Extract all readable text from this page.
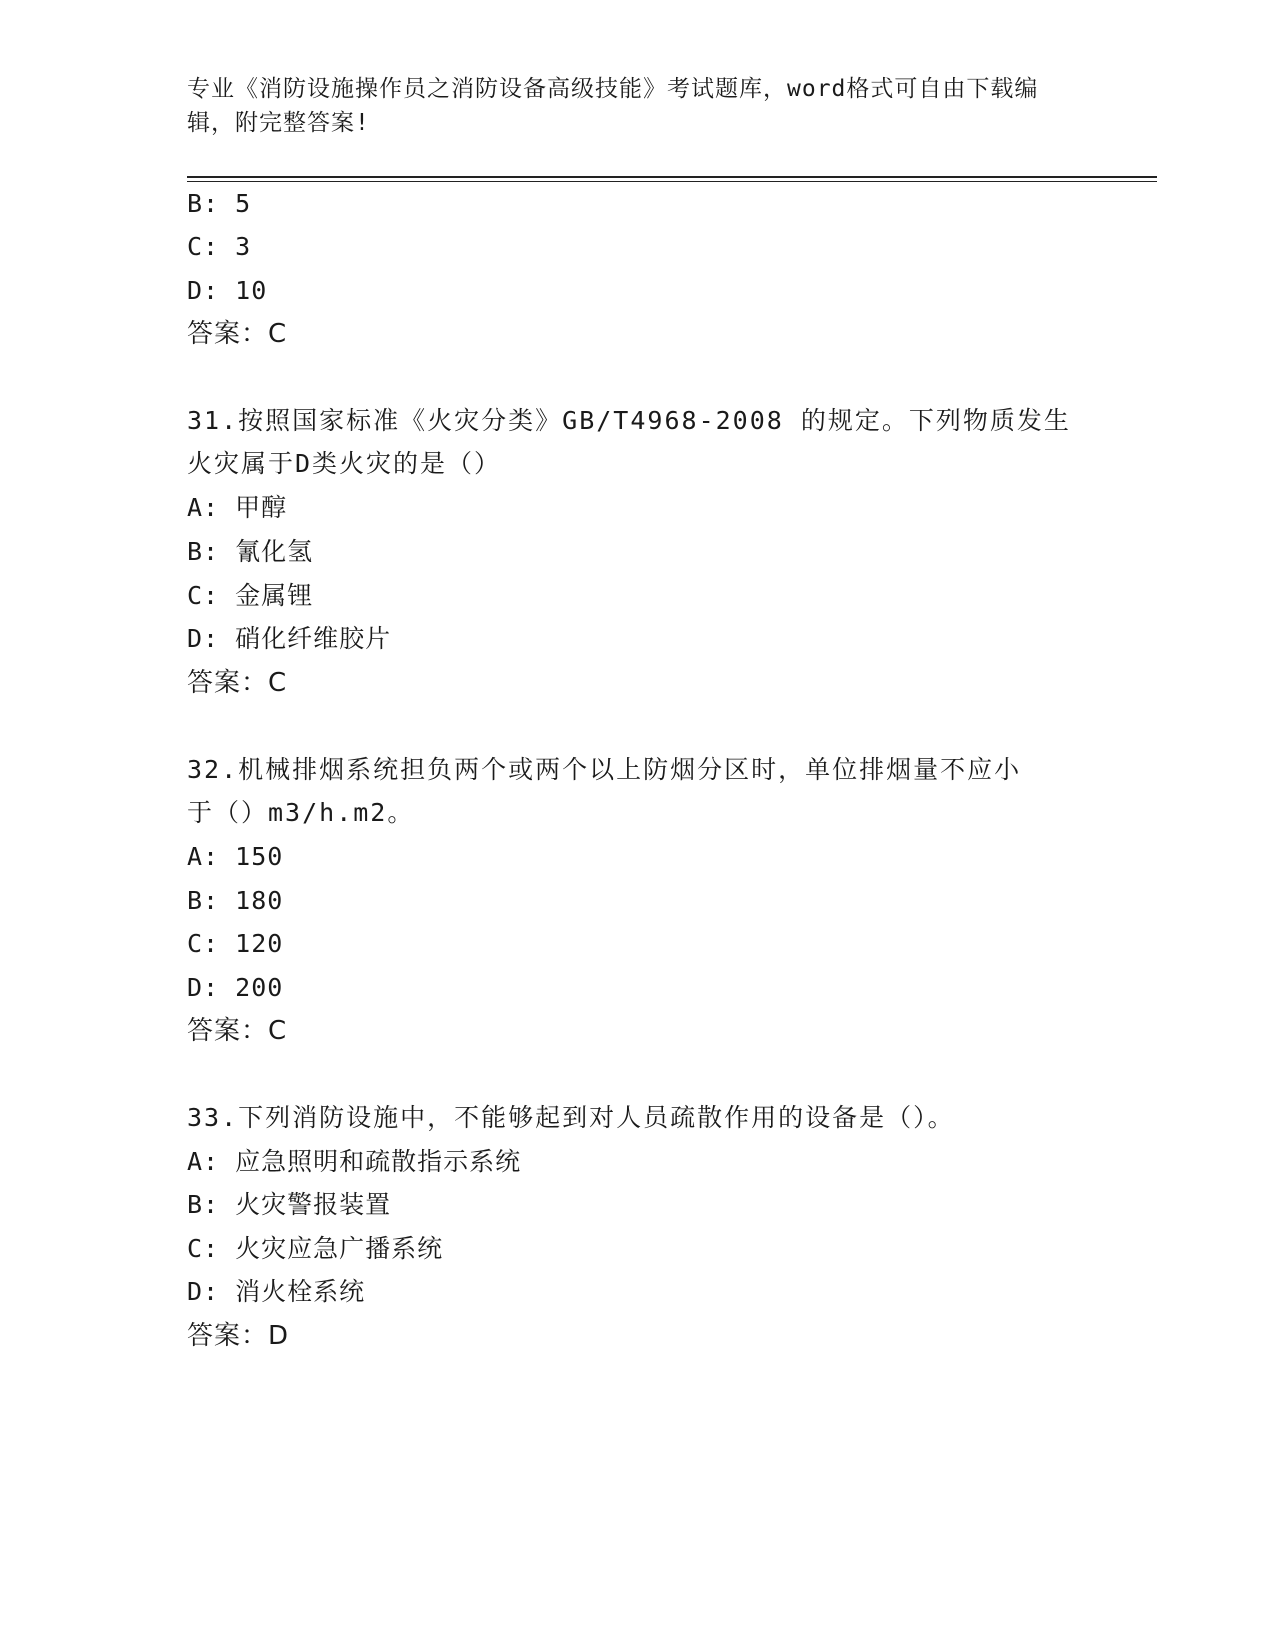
专业《消防设施操作员之消防设备高级技能》考试题库，word格式可自由下载编
辑，附完整答案!
B: 5
C: 3
D: 10
答案：C
31.按照国家标准《火灾分类》GB/T4968-2008 的规定。下列物质发生
火灾属于D类火灾的是（）
A: 甲醇
B: 氰化氢
C: 金属锂
D: 硝化纤维胶片
答案：C
32.机械排烟系统担负两个或两个以上防烟分区时，单位排烟量不应小
于（）m3/h.m2。
A: 150
B: 180
C: 120
D: 200
答案：C
33.下列消防设施中，不能够起到对人员疏散作用的设备是（）。
A: 应急照明和疏散指示系统
B: 火灾警报装置
C: 火灾应急广播系统
D: 消火栓系统
答案：D
